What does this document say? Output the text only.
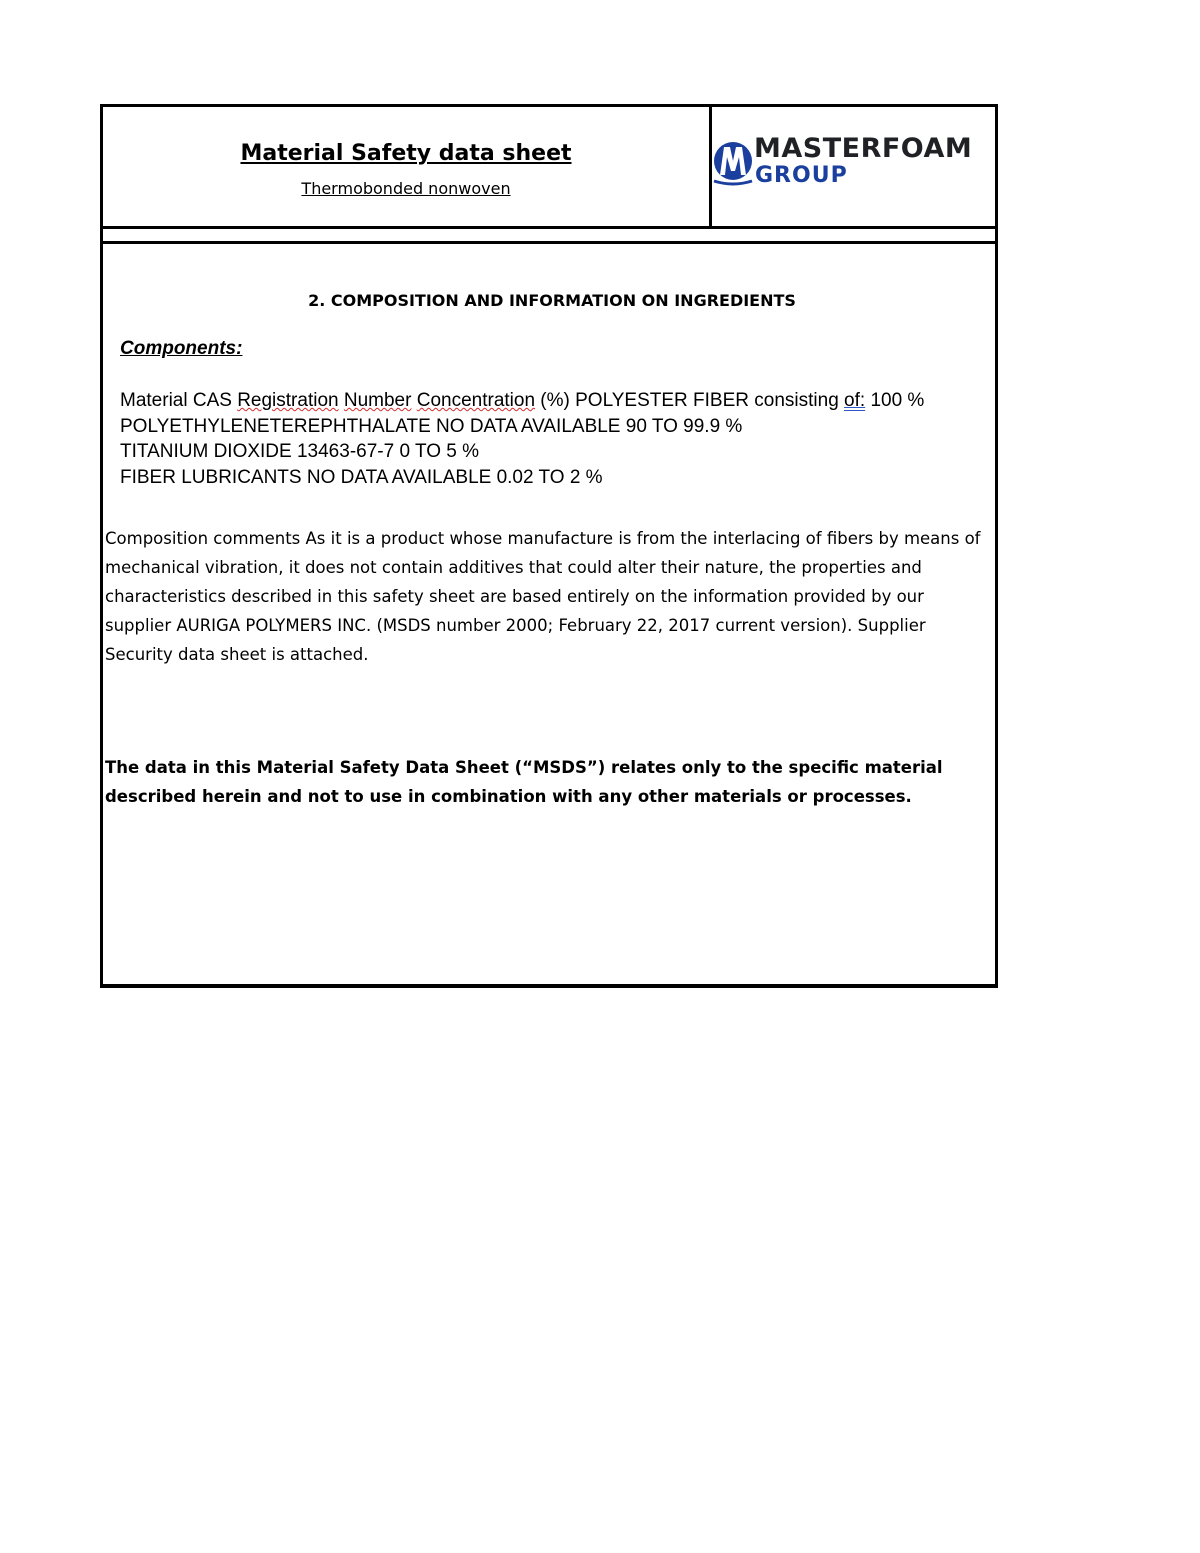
Material Safety data sheet
Thermobonded nonwoven
MASTERFOAM
GROUP
2. COMPOSITION AND INFORMATION ON INGREDIENTS
Components:
Material CAS Registration Number Concentration (%) POLYESTER FIBER consisting of: 100 %
POLYETHYLENETEREPHTHALATE NO DATA AVAILABLE 90 TO 99.9 %
TITANIUM DIOXIDE 13463-67-7 0 TO 5 %
FIBER LUBRICANTS NO DATA AVAILABLE 0.02 TO 2 %
Composition comments As it is a product whose manufacture is from the interlacing of fibers by means of mechanical vibration, it does not contain additives that could alter their nature, the properties and characteristics described in this safety sheet are based entirely on the information provided by our supplier AURIGA POLYMERS INC. (MSDS number 2000; February 22, 2017 current version). Supplier Security data sheet is attached.
The data in this Material Safety Data Sheet (“MSDS”) relates only to the specific material described herein and not to use in combination with any other materials or processes.
